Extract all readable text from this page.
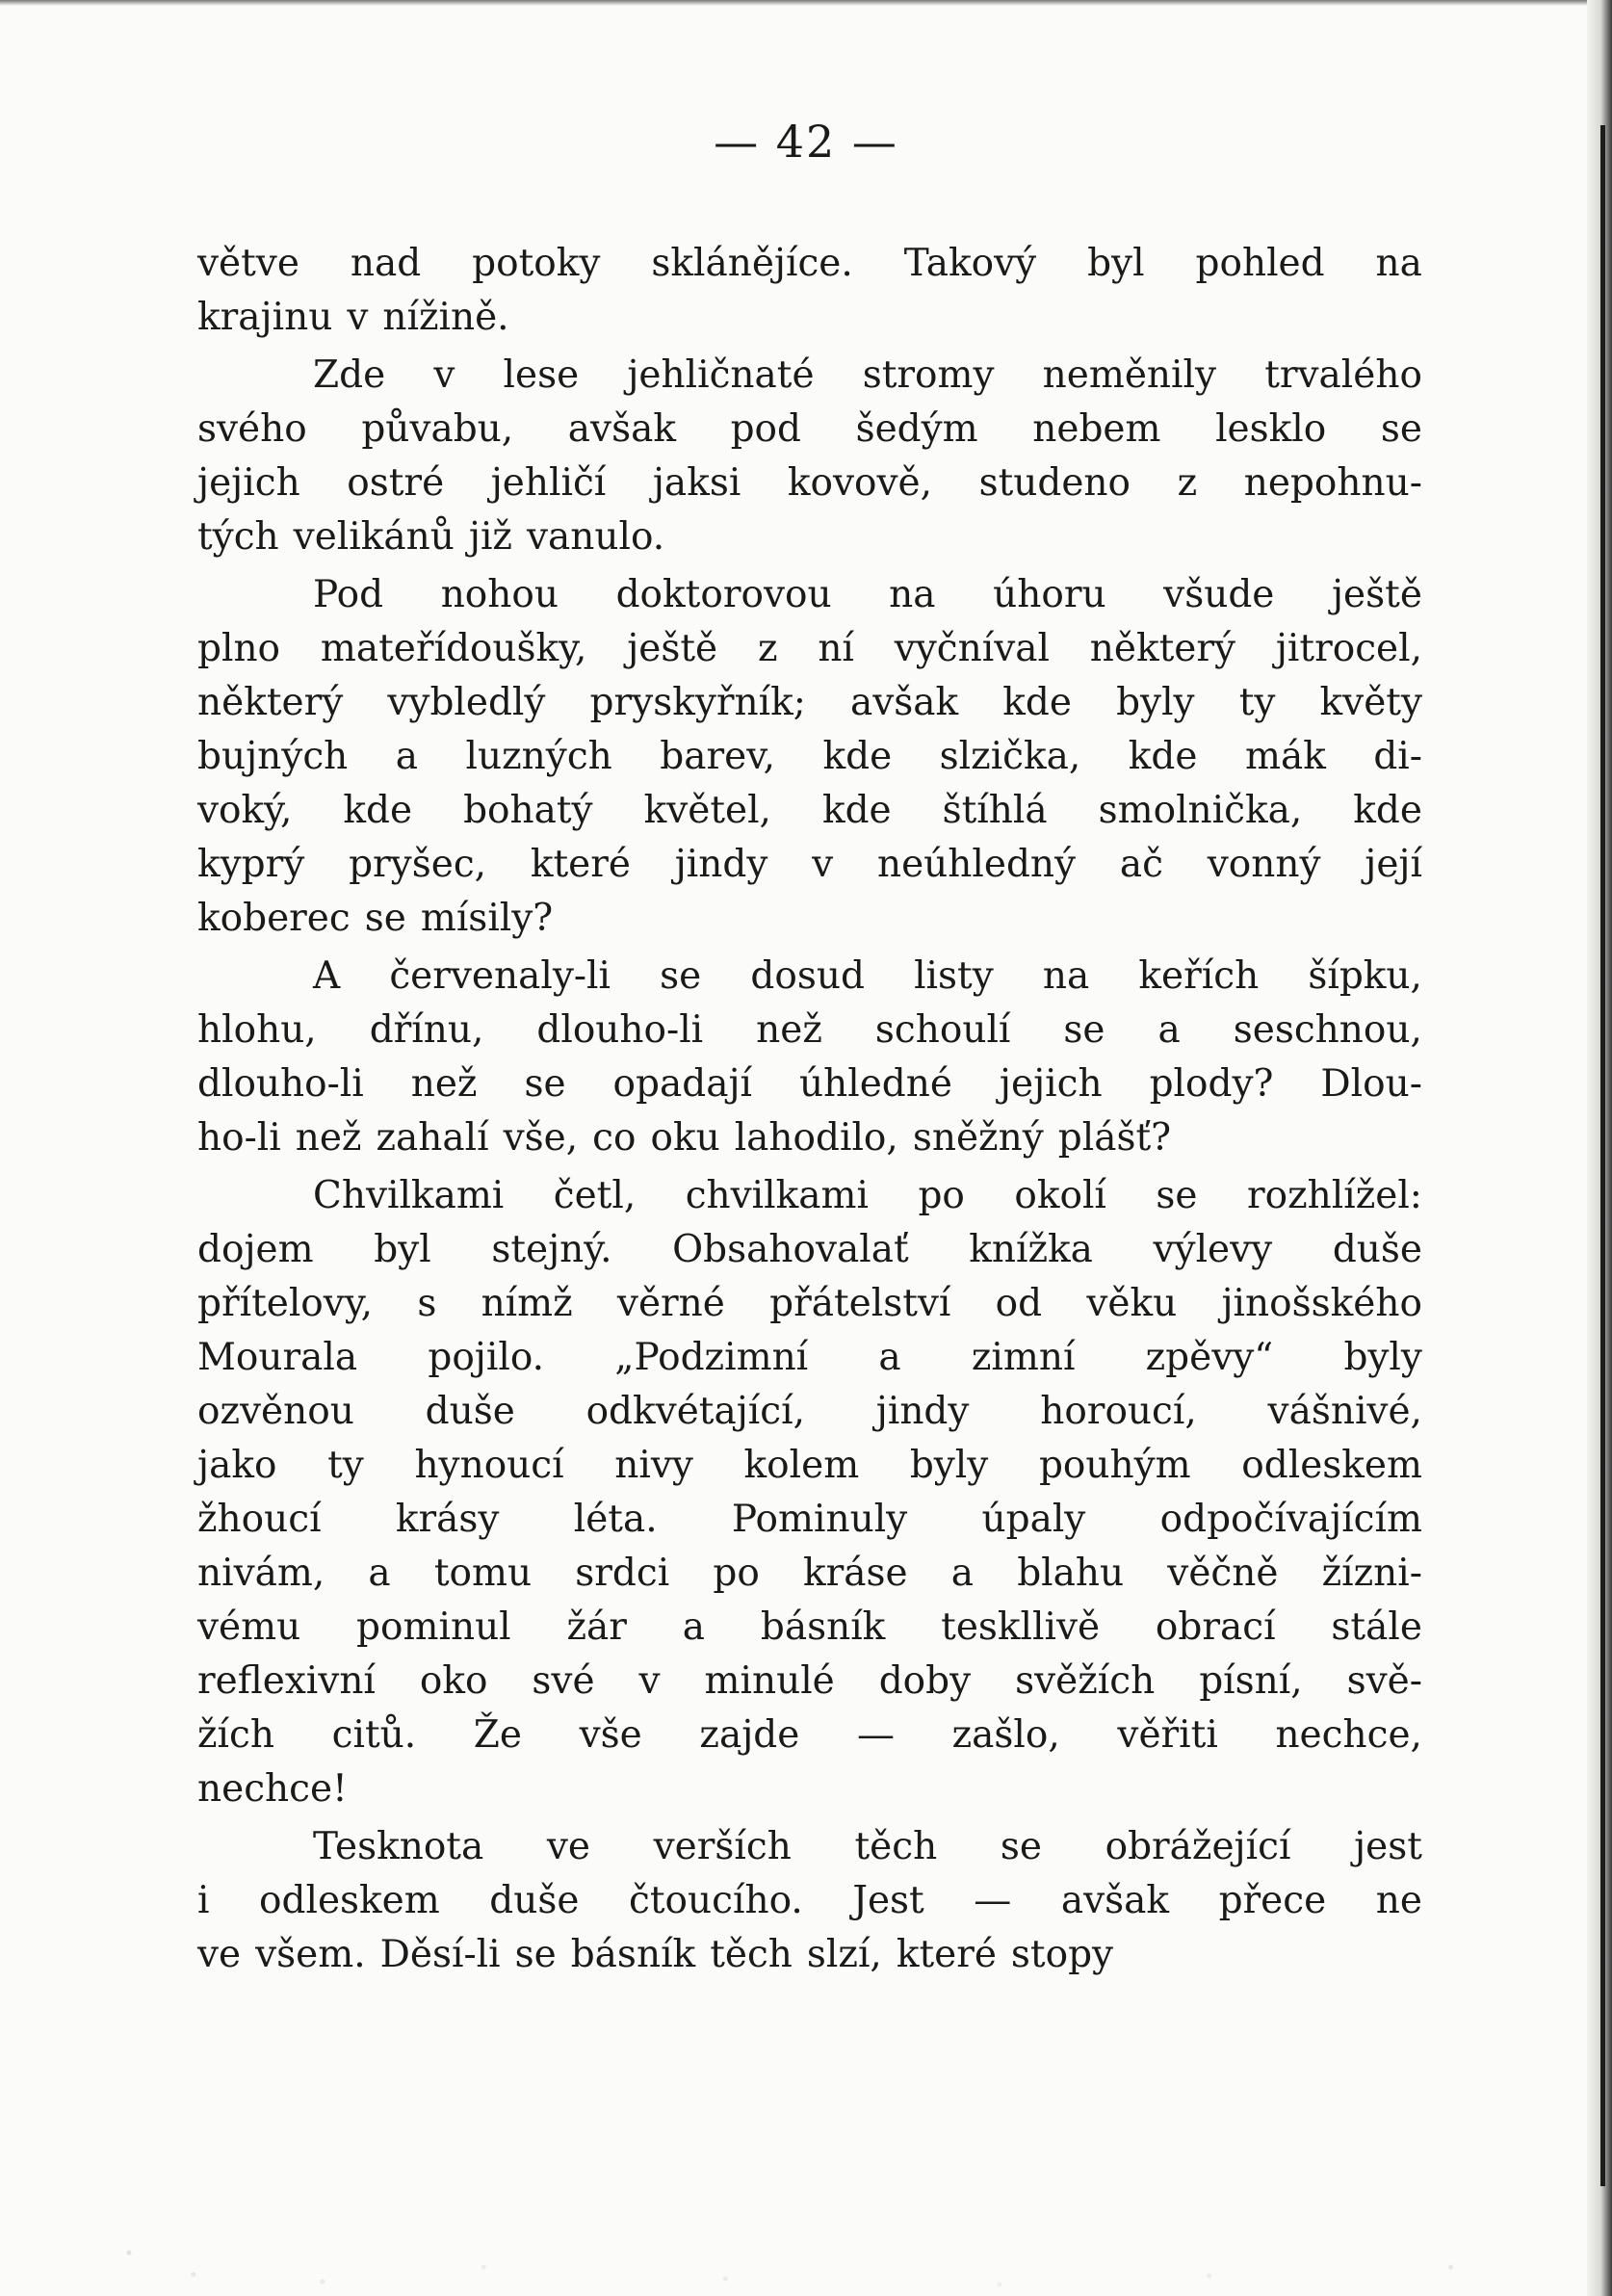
— 42 —
větve nad potoky sklánějíce. Takový byl pohled na
krajinu v nížině.
Zde v lese jehličnaté stromy neměnily trvalého
svého půvabu, avšak pod šedým nebem lesklo se
jejich ostré jehličí jaksi kovově, studeno z nepohnu-
tých velikánů již vanulo.
Pod nohou doktorovou na úhoru všude ještě
plno mateřídoušky, ještě z ní vyčníval některý jitrocel,
některý vybledlý pryskyřník; avšak kde byly ty květy
bujných a luzných barev, kde slzička, kde mák di-
voký, kde bohatý květel, kde štíhlá smolnička, kde
kyprý pryšec, které jindy v neúhledný ač vonný její
koberec se mísily?
A červenaly-li se dosud listy na keřích šípku,
hlohu, dřínu, dlouho-li než schoulí se a seschnou,
dlouho-li než se opadají úhledné jejich plody? Dlou-
ho-li než zahalí vše, co oku lahodilo, sněžný plášť?
Chvilkami četl, chvilkami po okolí se rozhlížel:
dojem byl stejný. Obsahovalať knížka výlevy duše
přítelovy, s nímž věrné přátelství od věku jinošského
Mourala pojilo. „Podzimní a zimní zpěvy“ byly
ozvěnou duše odkvétající, jindy horoucí, vášnivé,
jako ty hynoucí nivy kolem byly pouhým odleskem
žhoucí krásy léta. Pominuly úpaly odpočívajícím
nivám, a tomu srdci po kráse a blahu věčně žízni-
vému pominul žár a básník teskllivě obrací stále
reflexivní oko své v minulé doby svěžích písní, svě-
žích citů. Že vše zajde — zašlo, věřiti nechce,
nechce!
Tesknota ve verších těch se obrážející jest
i odleskem duše čtoucího. Jest — avšak přece ne
ve všem. Děsí-li se básník těch slzí, které stopy
